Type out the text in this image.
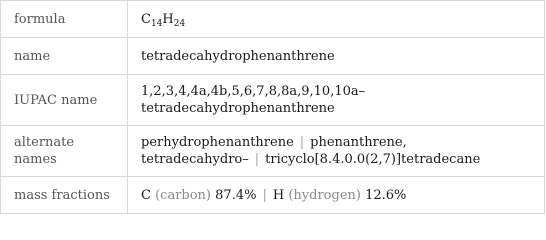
formula	$C_{14}H_{24}$
name	tetradecahydrophenanthrene
IUPAC name	1,2,3,4,4a,4b,5,6,7,8,8a,9,10,10a–
tetradecahydrophenanthrene
alternate names	perhydrophenanthrene | phenanthrene,
tetradecahydro– | tricyclo[8.4.0.0(2,7)]tetradecane
mass fractions	C (carbon) 87.4% | H (hydrogen) 12.6%
